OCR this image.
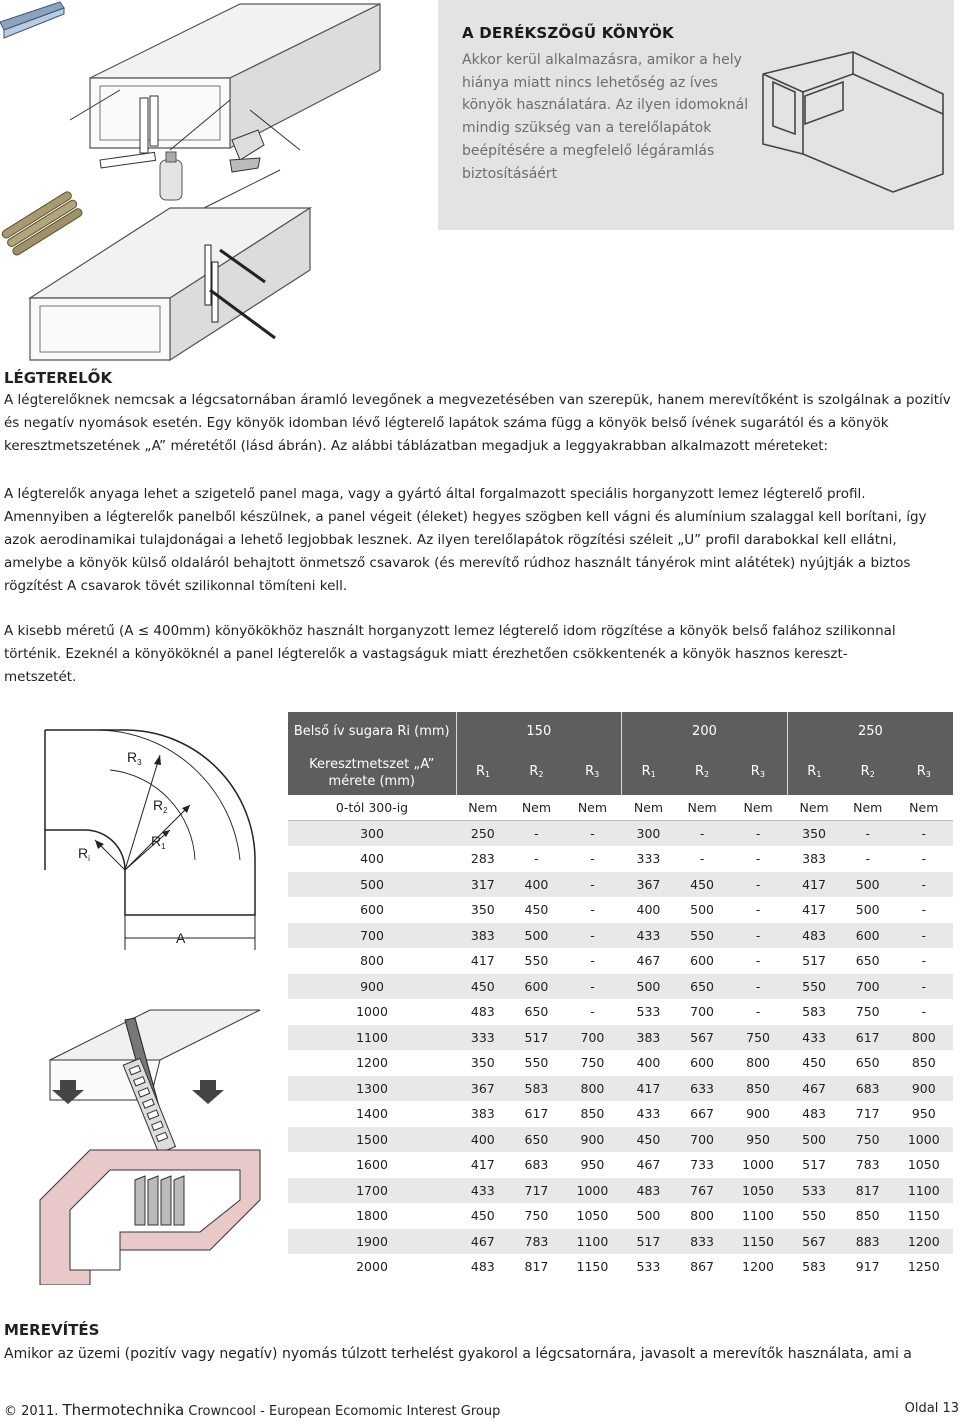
A DERÉKSZÖGŰ KÖNYÖK
Akkor kerül alkalmazásra, amikor a hely
hiánya miatt nincs lehetőség az íves
könyök használatára. Az ilyen idomoknál
mindig szükség van a terelőlapátok
beépítésére a megfelelő légáramlás
biztosításáért
LÉGTERELŐK
A légterelőknek nemcsak a légcsatornában áramló levegőnek a megvezetésében van szerepük, hanem merevítőként is szolgálnak a pozitív
és negatív nyomások esetén. Egy könyök idomban lévő légterelő lapátok száma függ a könyök belső ívének sugarától és a könyök
keresztmetszetének „A” méretétől (lásd ábrán). Az alábbi táblázatban megadjuk a leggyakrabban alkalmazott méreteket:
A légterelők anyaga lehet a szigetelő panel maga, vagy a gyártó által forgalmazott speciális horganyzott lemez légterelő profil.
Amennyiben a légterelők panelből készülnek, a panel végeit (éleket) hegyes szögben kell vágni és alumínium szalaggal kell borítani, így
azok aerodinamikai tulajdonágai a lehető legjobbak lesznek. Az ilyen terelőlapátok rögzítési széleit „U” profil darabokkal kell ellátni,
amelybe a könyök külső oldaláról behajtott önmetsző csavarok (és merevítő rúdhoz használt tányérok mint alátétek) nyújtják a biztos
rögzítést A csavarok tövét szilikonnal tömíteni kell.
A kisebb méretű (A ≤ 400mm) könyökökhöz használt horganyzott lemez légterelő idom rögzítése a könyök belső falához szilikonnal
történik. Ezeknél a könyököknél a panel légterelők a vastagságuk miatt érezhetően csökkentenék a könyök hasznos kereszt-
metszetét.
$R_3$
$R_2$
$R_1$
$R_i$
A
Belső ív sugara Ri (mm)	150			200			250		
Keresztmetszet „A” mérete (mm)	$R_1$	$R_2$	$R_3$	$R_1$	$R_2$	$R_3$	$R_1$	$R_2$	$R_3$
0-tól 300-ig	Nem	Nem	Nem	Nem	Nem	Nem	Nem	Nem	Nem
300	250	-	-	300	-	-	350	-	-
400	283	-	-	333	-	-	383	-	-
500	317	400	-	367	450	-	417	500	-
600	350	450	-	400	500	-	417	500	-
700	383	500	-	433	550	-	483	600	-
800	417	550	-	467	600	-	517	650	-
900	450	600	-	500	650	-	550	700	-
1000	483	650	-	533	700	-	583	750	-
1100	333	517	700	383	567	750	433	617	800
1200	350	550	750	400	600	800	450	650	850
1300	367	583	800	417	633	850	467	683	900
1400	383	617	850	433	667	900	483	717	950
1500	400	650	900	450	700	950	500	750	1000
1600	417	683	950	467	733	1000	517	783	1050
1700	433	717	1000	483	767	1050	533	817	1100
1800	450	750	1050	500	800	1100	550	850	1150
1900	467	783	1100	517	833	1150	567	883	1200
2000	483	817	1150	533	867	1200	583	917	1250
MEREVÍTÉS
Amikor az üzemi (pozitív vagy negatív) nyomás túlzott terhelést gyakorol a légcsatornára, javasolt a merevítők használata, ami a
© 2011. Thermotechnika Crowncool - European Ecomomic Interest Group	Oldal 13
